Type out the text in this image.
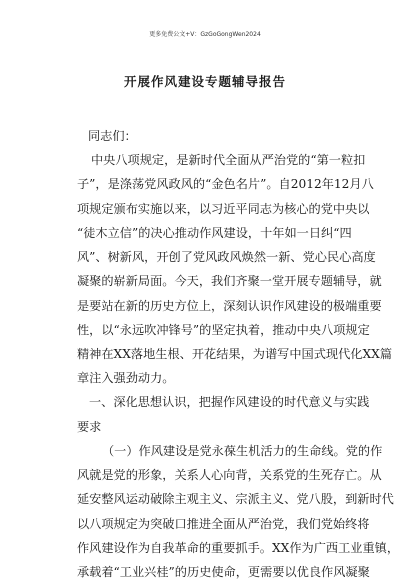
更多免费公文+V：GzGoGongWen2024
开展作风建设专题辅导报告
同志们：
中央八项规定，是新时代全面从严治党的“第一粒扣
子”，是涤荡党风政风的“金色名片”。自2012年12月八
项规定颁布实施以来，以习近平同志为核心的党中央以
“徒木立信”的决心推动作风建设，十年如一日纠“四
风”、树新风，开创了党风政风焕然一新、党心民心高度
凝聚的崭新局面。今天，我们齐聚一堂开展专题辅导，就
是要站在新的历史方位上，深刻认识作风建设的极端重要
性，以“永远吹冲锋号”的坚定执着，推动中央八项规定
精神在XX落地生根、开花结果，为谱写中国式现代化XX篇
章注入强劲动力。
一、深化思想认识，把握作风建设的时代意义与实践
要求
（一）作风建设是党永葆生机活力的生命线。党的作
风就是党的形象，关系人心向背，关系党的生死存亡。从
延安整风运动破除主观主义、宗派主义、党八股，到新时代
以八项规定为突破口推进全面从严治党，我们党始终将
作风建设作为自我革命的重要抓手。XX作为广西工业重镇，
承载着“工业兴桂”的历史使命，更需要以优良作风凝聚
